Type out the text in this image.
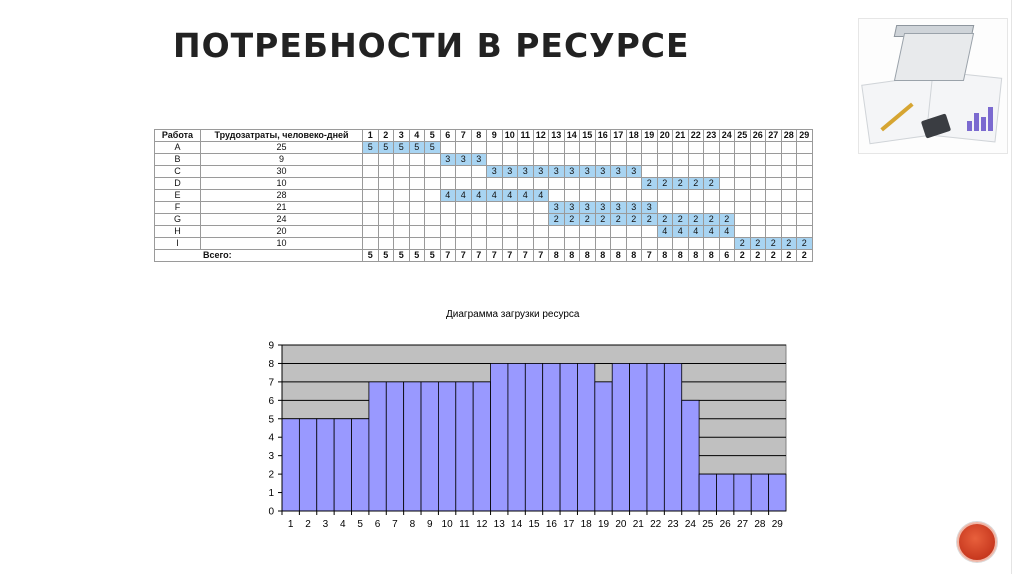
ПОТРЕБНОСТИ В РЕСУРСЕ
Работа	Трудозатраты, человеко-дней	1	2	3	4	5	6	7	8	9	10	11	12	13	14	15	16	17	18	19	20	21	22	23	24	25	26	27	28	29
A	25	5	5	5	5	5																								
B	9						3	3	3																					
C	30									3	3	3	3	3	3	3	3	3	3											
D	10																			2	2	2	2	2						
E	28						4	4	4	4	4	4	4																	
F	21													3	3	3	3	3	3	3										
G	24													2	2	2	2	2	2	2	2	2	2	2	2					
H	20																				4	4	4	4	4					
I	10																									2	2	2	2	2
Всего:		5	5	5	5	5	7	7	7	7	7	7	7	8	8	8	8	8	8	7	8	8	8	8	6	2	2	2	2	2
Диаграмма загрузки ресурса
0
1
2
3
4
5
6
7
8
9
1 2 3 4 5 6 7 8 9 10 11 12 13 14 15 16 17 18 19 20 21 22 23 24 25 26 27 28 29
